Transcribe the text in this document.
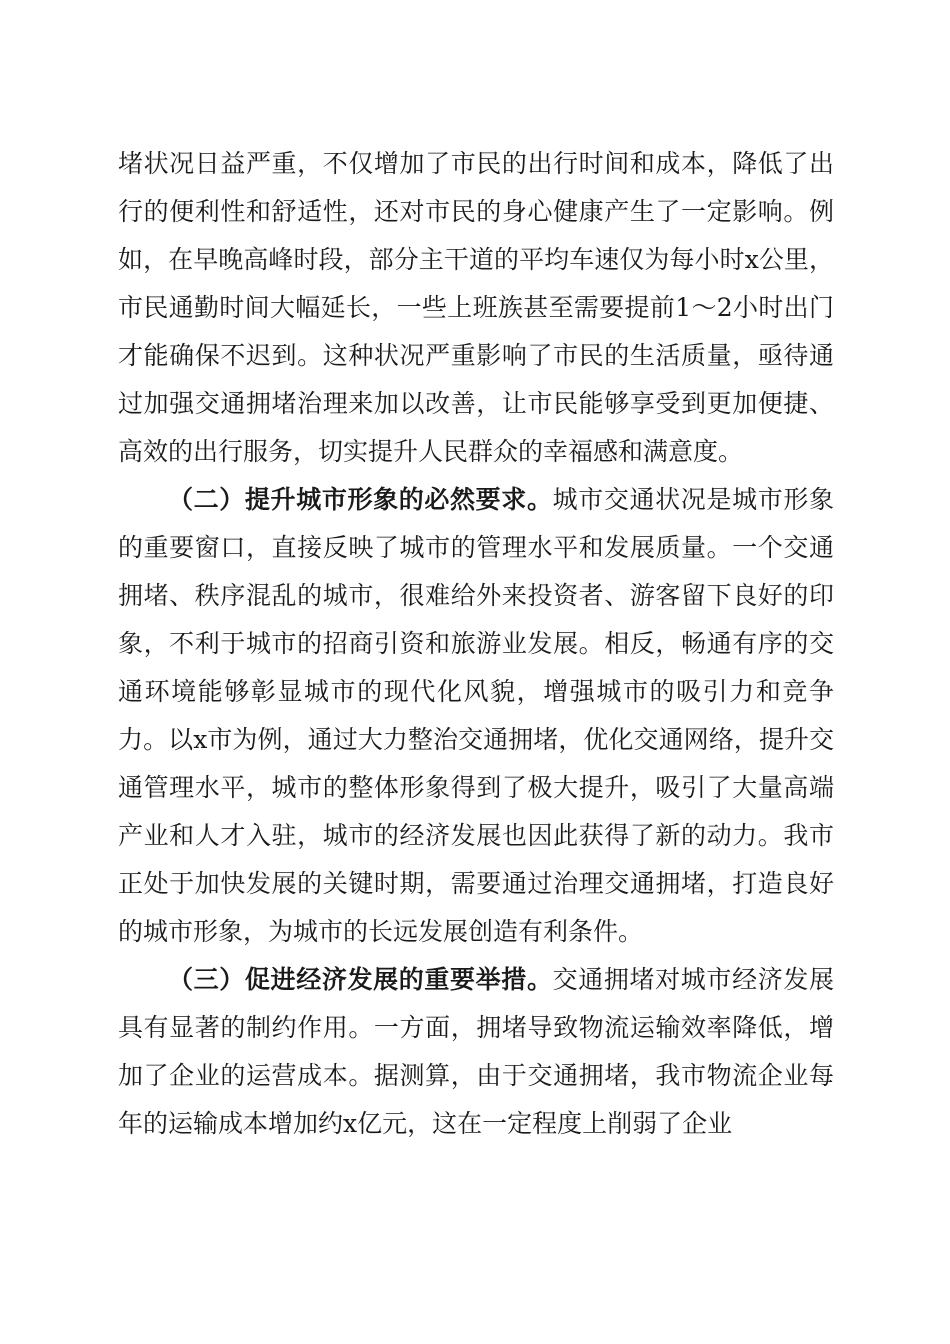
堵状况日益严重，不仅增加了市民的出行时间和成本，降低了出行的便利性和舒适性，还对市民的身心健康产生了一定影响。例如，在早晚高峰时段，部分主干道的平均车速仅为每小时x公里，市民通勤时间大幅延长，一些上班族甚至需要提前1～2小时出门才能确保不迟到。这种状况严重影响了市民的生活质量，亟待通过加强交通拥堵治理来加以改善，让市民能够享受到更加便捷、高效的出行服务，切实提升人民群众的幸福感和满意度。

（二）提升城市形象的必然要求。城市交通状况是城市形象的重要窗口，直接反映了城市的管理水平和发展质量。一个交通拥堵、秩序混乱的城市，很难给外来投资者、游客留下良好的印象，不利于城市的招商引资和旅游业发展。相反，畅通有序的交通环境能够彰显城市的现代化风貌，增强城市的吸引力和竞争力。以x市为例，通过大力整治交通拥堵，优化交通网络，提升交通管理水平，城市的整体形象得到了极大提升，吸引了大量高端产业和人才入驻，城市的经济发展也因此获得了新的动力。我市正处于加快发展的关键时期，需要通过治理交通拥堵，打造良好的城市形象，为城市的长远发展创造有利条件。

（三）促进经济发展的重要举措。交通拥堵对城市经济发展具有显著的制约作用。一方面，拥堵导致物流运输效率降低，增加了企业的运营成本。据测算，由于交通拥堵，我市物流企业每年的运输成本增加约x亿元，这在一定程度上削弱了企业
